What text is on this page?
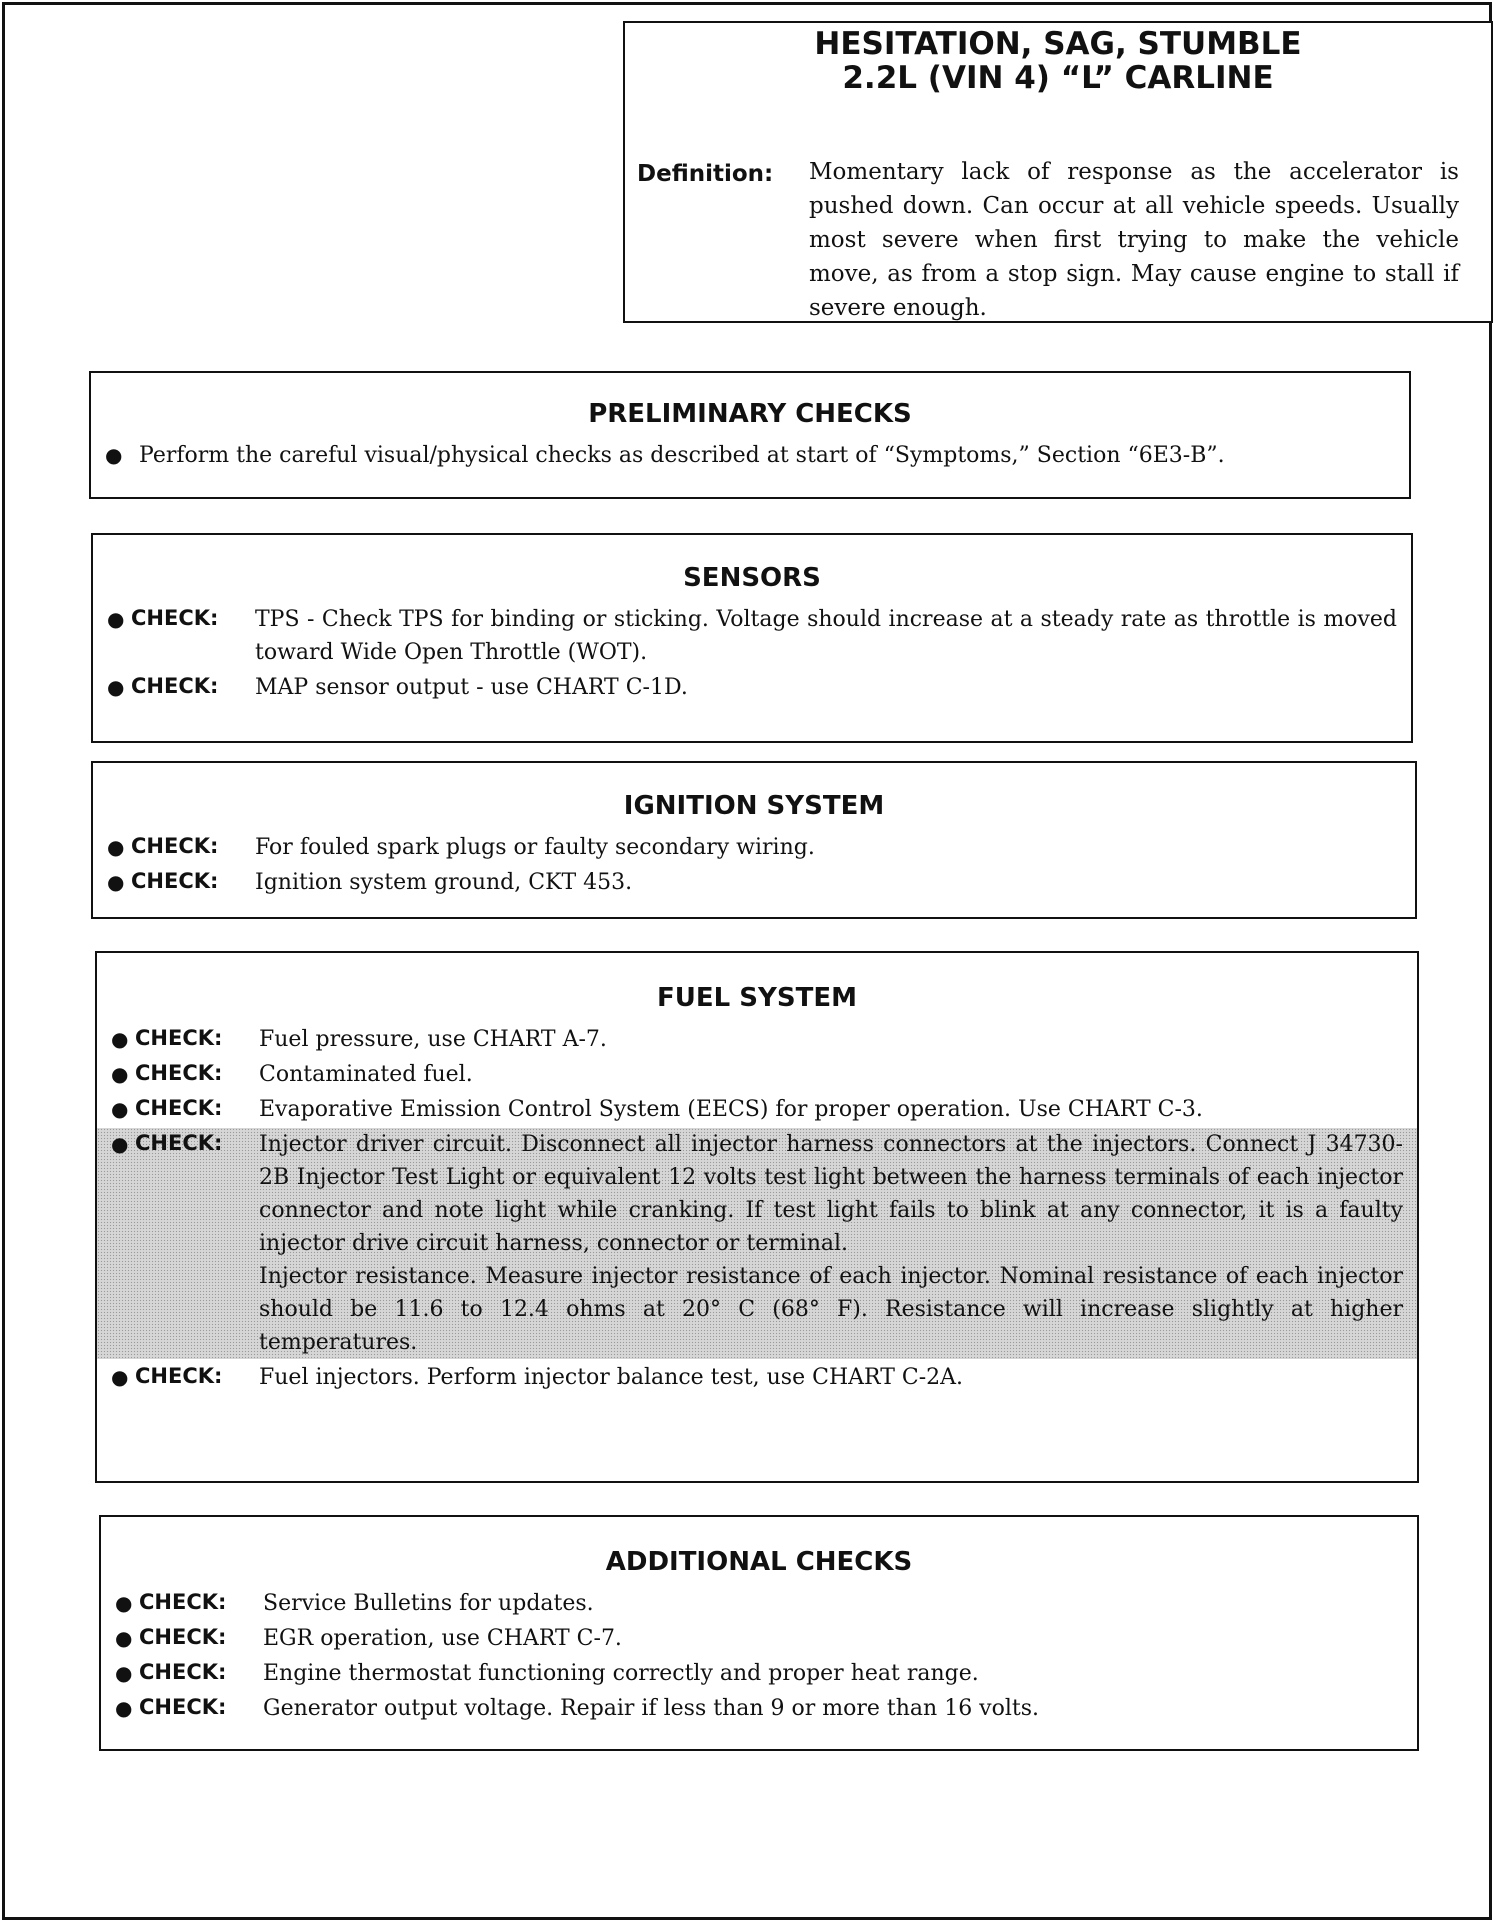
HESITATION, SAG, STUMBLE
2.2L (VIN 4) “L” CARLINE
Definition: Momentary lack of response as the accelerator is pushed down. Can occur at all vehicle speeds. Usually most severe when first trying to make the vehicle move, as from a stop sign. May cause engine to stall if severe enough.
PRELIMINARY CHECKS
● Perform the careful visual/physical checks as described at start of “Symptoms,” Section “6E3-B”.
SENSORS
● CHECK: TPS - Check TPS for binding or sticking. Voltage should increase at a steady rate as throttle is moved toward Wide Open Throttle (WOT).
● CHECK: MAP sensor output - use CHART C-1D.
IGNITION SYSTEM
● CHECK: For fouled spark plugs or faulty secondary wiring.
● CHECK: Ignition system ground, CKT 453.
FUEL SYSTEM
● CHECK: Fuel pressure, use CHART A-7.
● CHECK: Contaminated fuel.
● CHECK: Evaporative Emission Control System (EECS) for proper operation. Use CHART C-3.
● CHECK: Injector driver circuit. Disconnect all injector harness connectors at the injectors. Connect J 34730-2B Injector Test Light or equivalent 12 volts test light between the harness terminals of each injector connector and note light while cranking. If test light fails to blink at any connector, it is a faulty injector drive circuit harness, connector or terminal.

Injector resistance. Measure injector resistance of each injector. Nominal resistance of each injector should be 11.6 to 12.4 ohms at 20° C (68° F). Resistance will increase slightly at higher temperatures.

● CHECK: Fuel injectors. Perform injector balance test, use CHART C-2A.
ADDITIONAL CHECKS
● CHECK: Service Bulletins for updates.
● CHECK: EGR operation, use CHART C-7.
● CHECK: Engine thermostat functioning correctly and proper heat range.
● CHECK: Generator output voltage. Repair if less than 9 or more than 16 volts.
